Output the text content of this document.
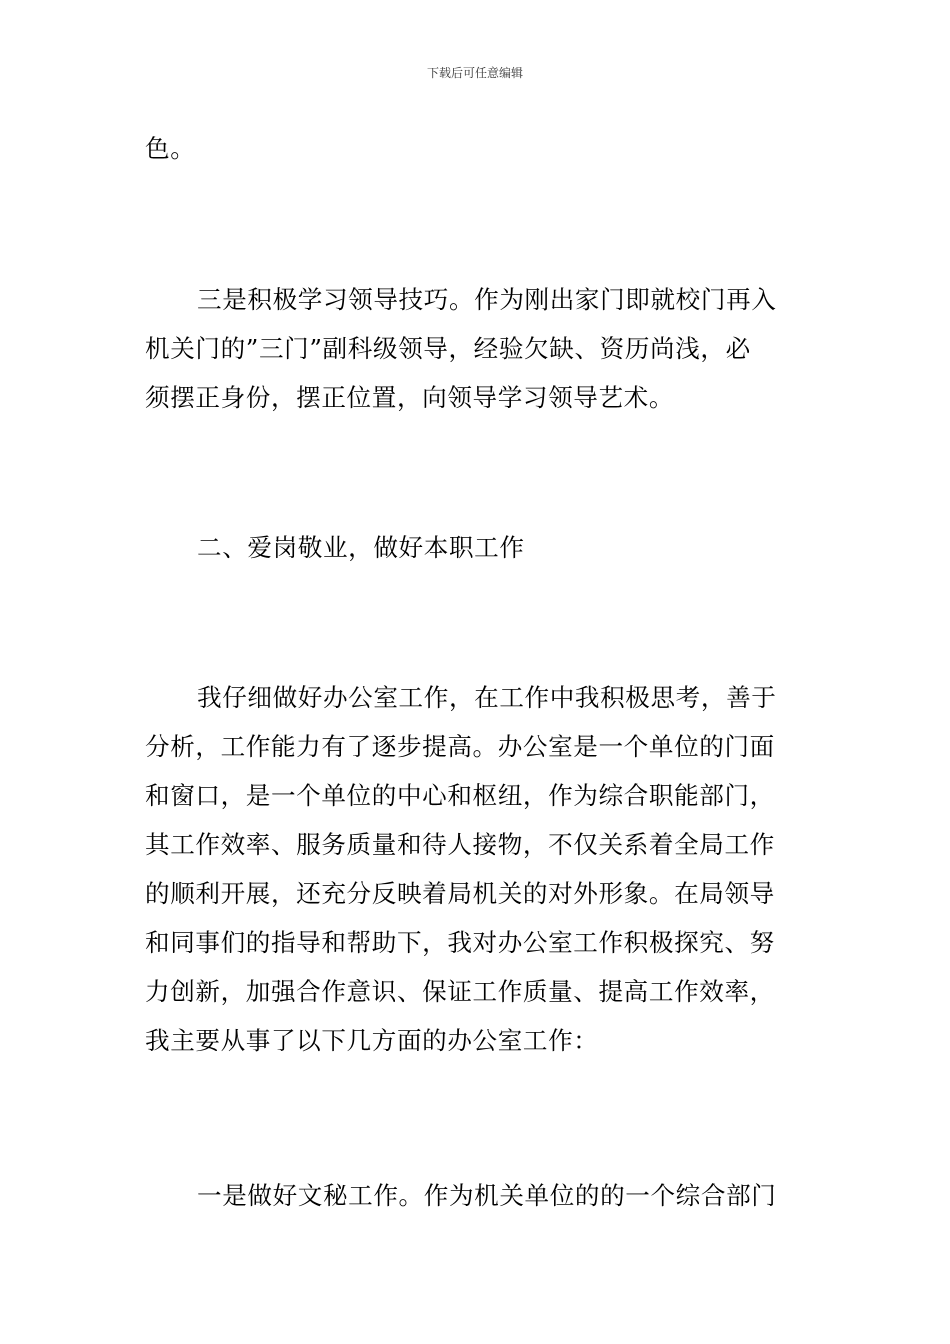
下载后可任意编辑
色。
三是积极学习领导技巧。作为刚出家门即就校门再入
机关门的”三门”副科级领导，经验欠缺、资历尚浅，必
须摆正身份，摆正位置，向领导学习领导艺术。
二、爱岗敬业，做好本职工作
我仔细做好办公室工作，在工作中我积极思考，善于
分析，工作能力有了逐步提高。办公室是一个单位的门面
和窗口，是一个单位的中心和枢纽，作为综合职能部门，
其工作效率、服务质量和待人接物，不仅关系着全局工作
的顺利开展，还充分反映着局机关的对外形象。在局领导
和同事们的指导和帮助下，我对办公室工作积极探究、努
力创新，加强合作意识、保证工作质量、提高工作效率，
我主要从事了以下几方面的办公室工作：
一是做好文秘工作。作为机关单位的的一个综合部门
